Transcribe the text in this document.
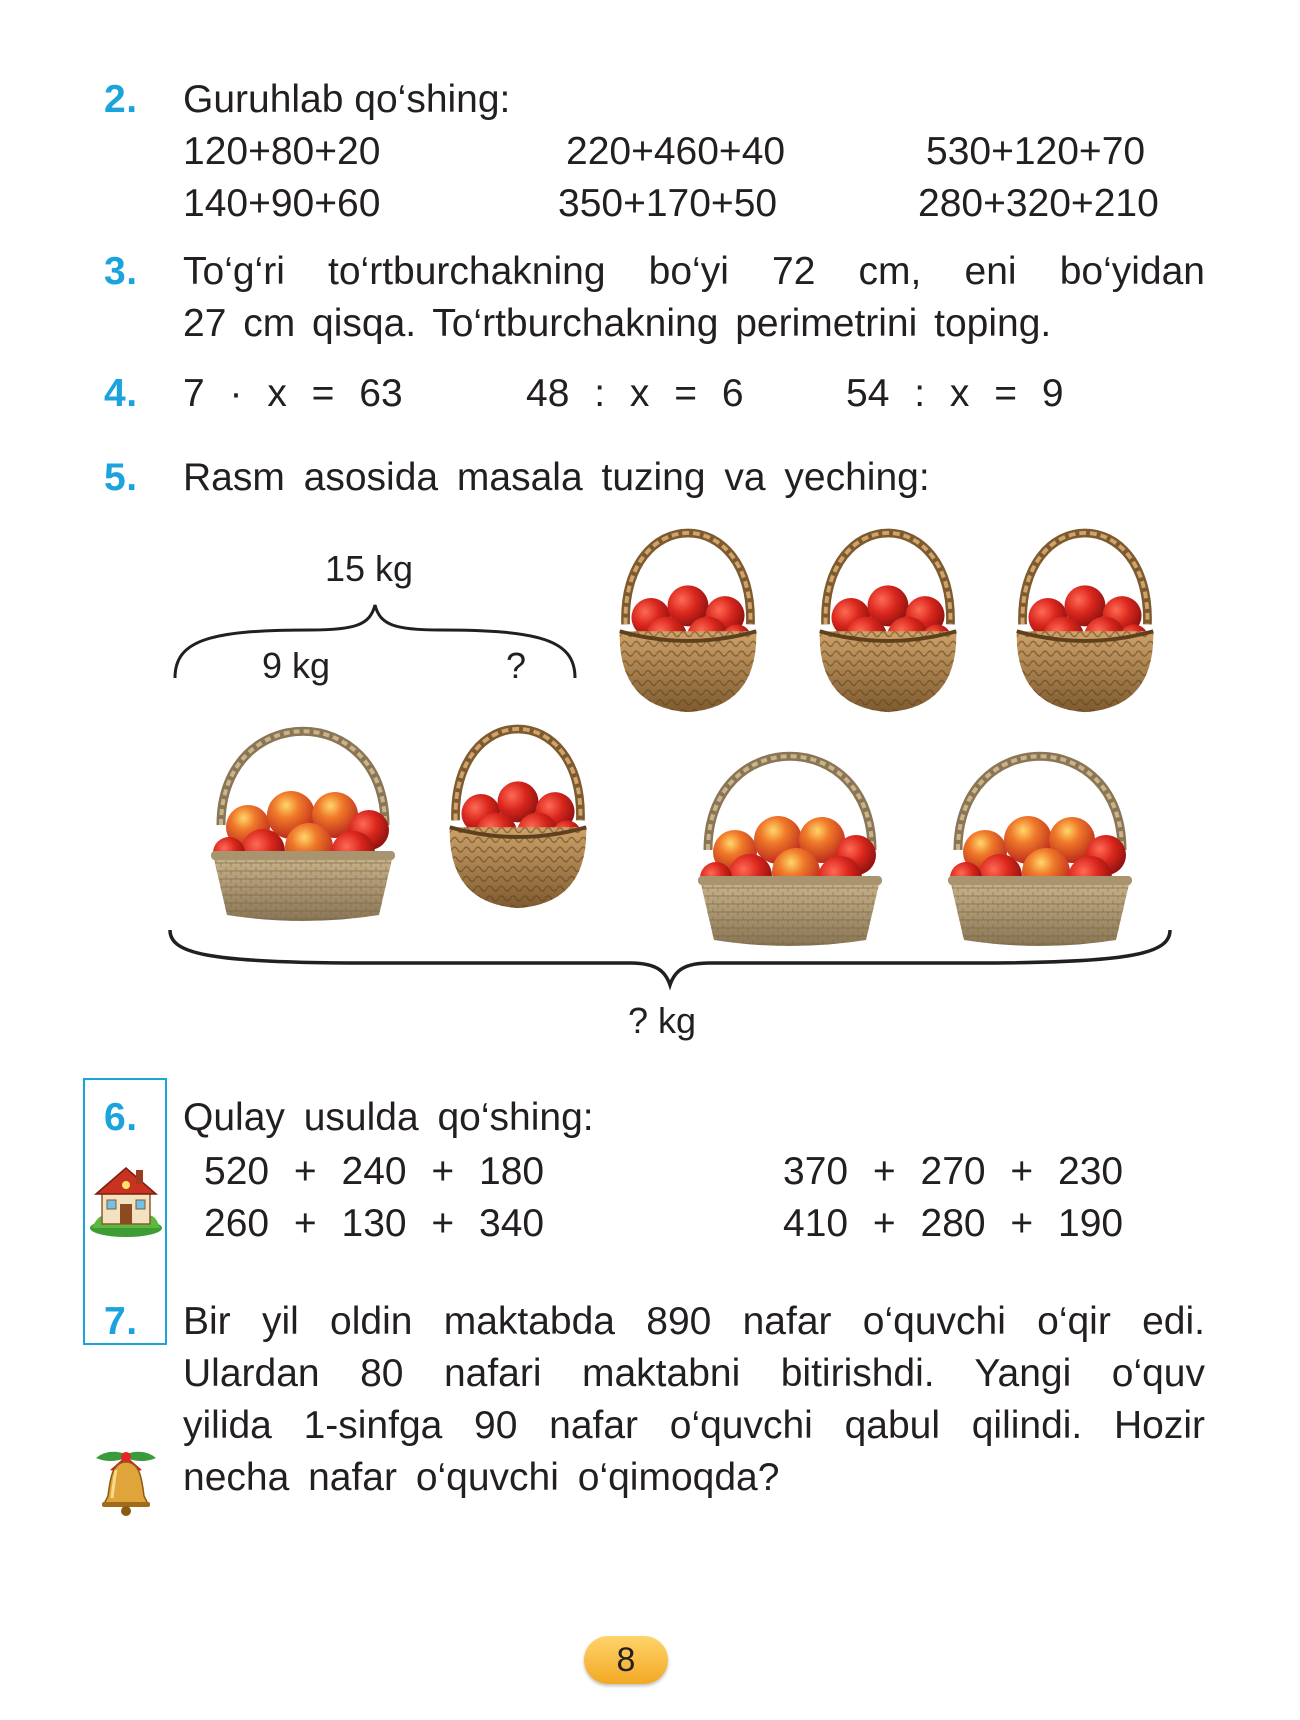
2. Guruhlab qo‘shing:
120+80+20	220+460+40	530+120+70
140+90+60	350+170+50	280+320+210
3. To‘g‘ri to‘rtburchakning bo‘yi 72 cm, eni bo‘yidan
27 cm qisqa. To‘rtburchakning perimetrini toping.
4. 7 · x = 63	48 : x = 6	54 : x = 9
5. Rasm asosida masala tuzing va yeching:
15 kg
9 kg	?
? kg
6. Qulay usulda qo‘shing:
520 + 240 + 180	370 + 270 + 230
260 + 130 + 340	410 + 280 + 190
7. Bir yil oldin maktabda 890 nafar o‘quvchi o‘qir edi.
Ulardan 80 nafari maktabni bitirishdi. Yangi o‘quv
yilida 1-sinfga 90 nafar o‘quvchi qabul qilindi. Hozir
necha nafar o‘quvchi o‘qimoqda?
8
